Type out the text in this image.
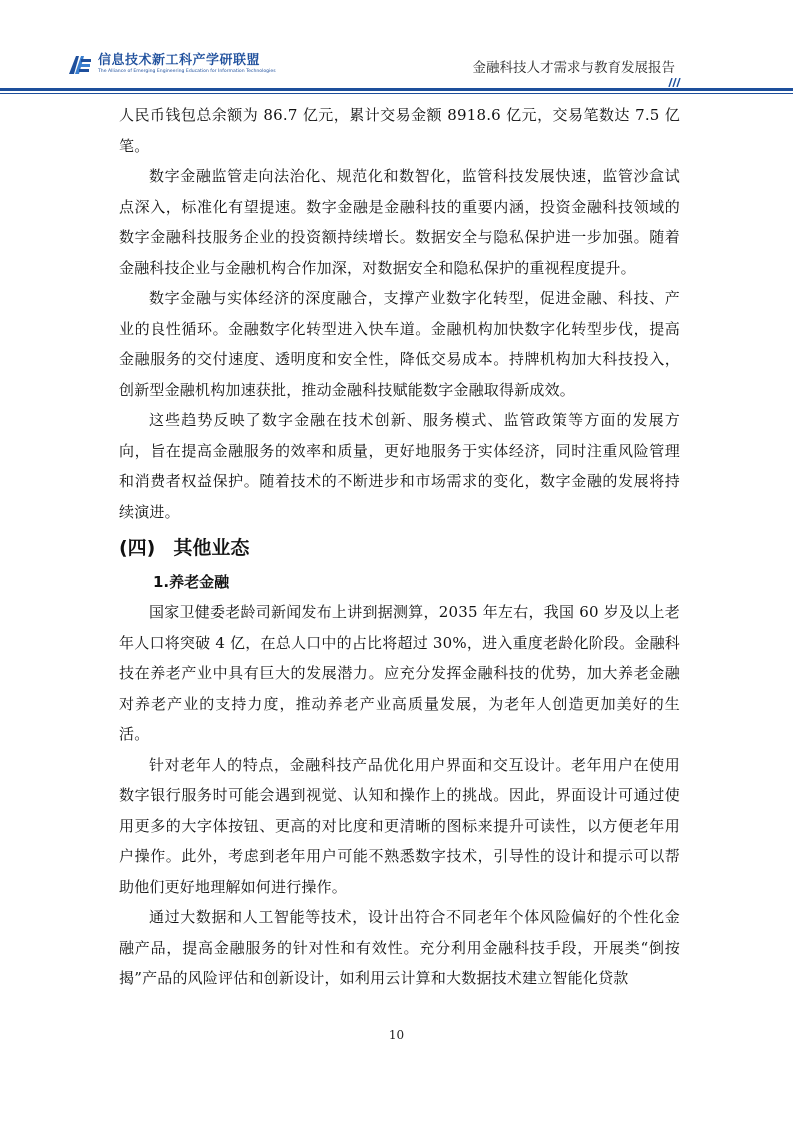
信息技术新工科产学研联盟
The Alliance of Emerging Engineering Education for Information Technologies	金融科技人才需求与教育发展报告

人民币钱包总余额为 86.7 亿元，累计交易金额 8918.6 亿元，交易笔数达 7.5 亿笔。

数字金融监管走向法治化、规范化和数智化，监管科技发展快速，监管沙盒试点深入，标准化有望提速。数字金融是金融科技的重要内涵，投资金融科技领域的数字金融科技服务企业的投资额持续增长。数据安全与隐私保护进一步加强。随着金融科技企业与金融机构合作加深，对数据安全和隐私保护的重视程度提升。

数字金融与实体经济的深度融合，支撑产业数字化转型，促进金融、科技、产业的良性循环。金融数字化转型进入快车道。金融机构加快数字化转型步伐，提高金融服务的交付速度、透明度和安全性，降低交易成本。持牌机构加大科技投入，创新型金融机构加速获批，推动金融科技赋能数字金融取得新成效。

这些趋势反映了数字金融在技术创新、服务模式、监管政策等方面的发展方向，旨在提高金融服务的效率和质量，更好地服务于实体经济，同时注重风险管理和消费者权益保护。随着技术的不断进步和市场需求的变化，数字金融的发展将持续演进。

(四) 其他业态
1.养老金融

国家卫健委老龄司新闻发布上讲到据测算，2035 年左右，我国 60 岁及以上老年人口将突破 4 亿，在总人口中的占比将超过 30%，进入重度老龄化阶段。金融科技在养老产业中具有巨大的发展潜力。应充分发挥金融科技的优势，加大养老金融对养老产业的支持力度，推动养老产业高质量发展，为老年人创造更加美好的生活。

针对老年人的特点，金融科技产品优化用户界面和交互设计。老年用户在使用数字银行服务时可能会遇到视觉、认知和操作上的挑战。因此，界面设计可通过使用更多的大字体按钮、更高的对比度和更清晰的图标来提升可读性，以方便老年用户操作。此外，考虑到老年用户可能不熟悉数字技术，引导性的设计和提示可以帮助他们更好地理解如何进行操作。

通过大数据和人工智能等技术，设计出符合不同老年个体风险偏好的个性化金融产品，提高金融服务的针对性和有效性。充分利用金融科技手段，开展类“倒按揭”产品的风险评估和创新设计，如利用云计算和大数据技术建立智能化贷款

10
